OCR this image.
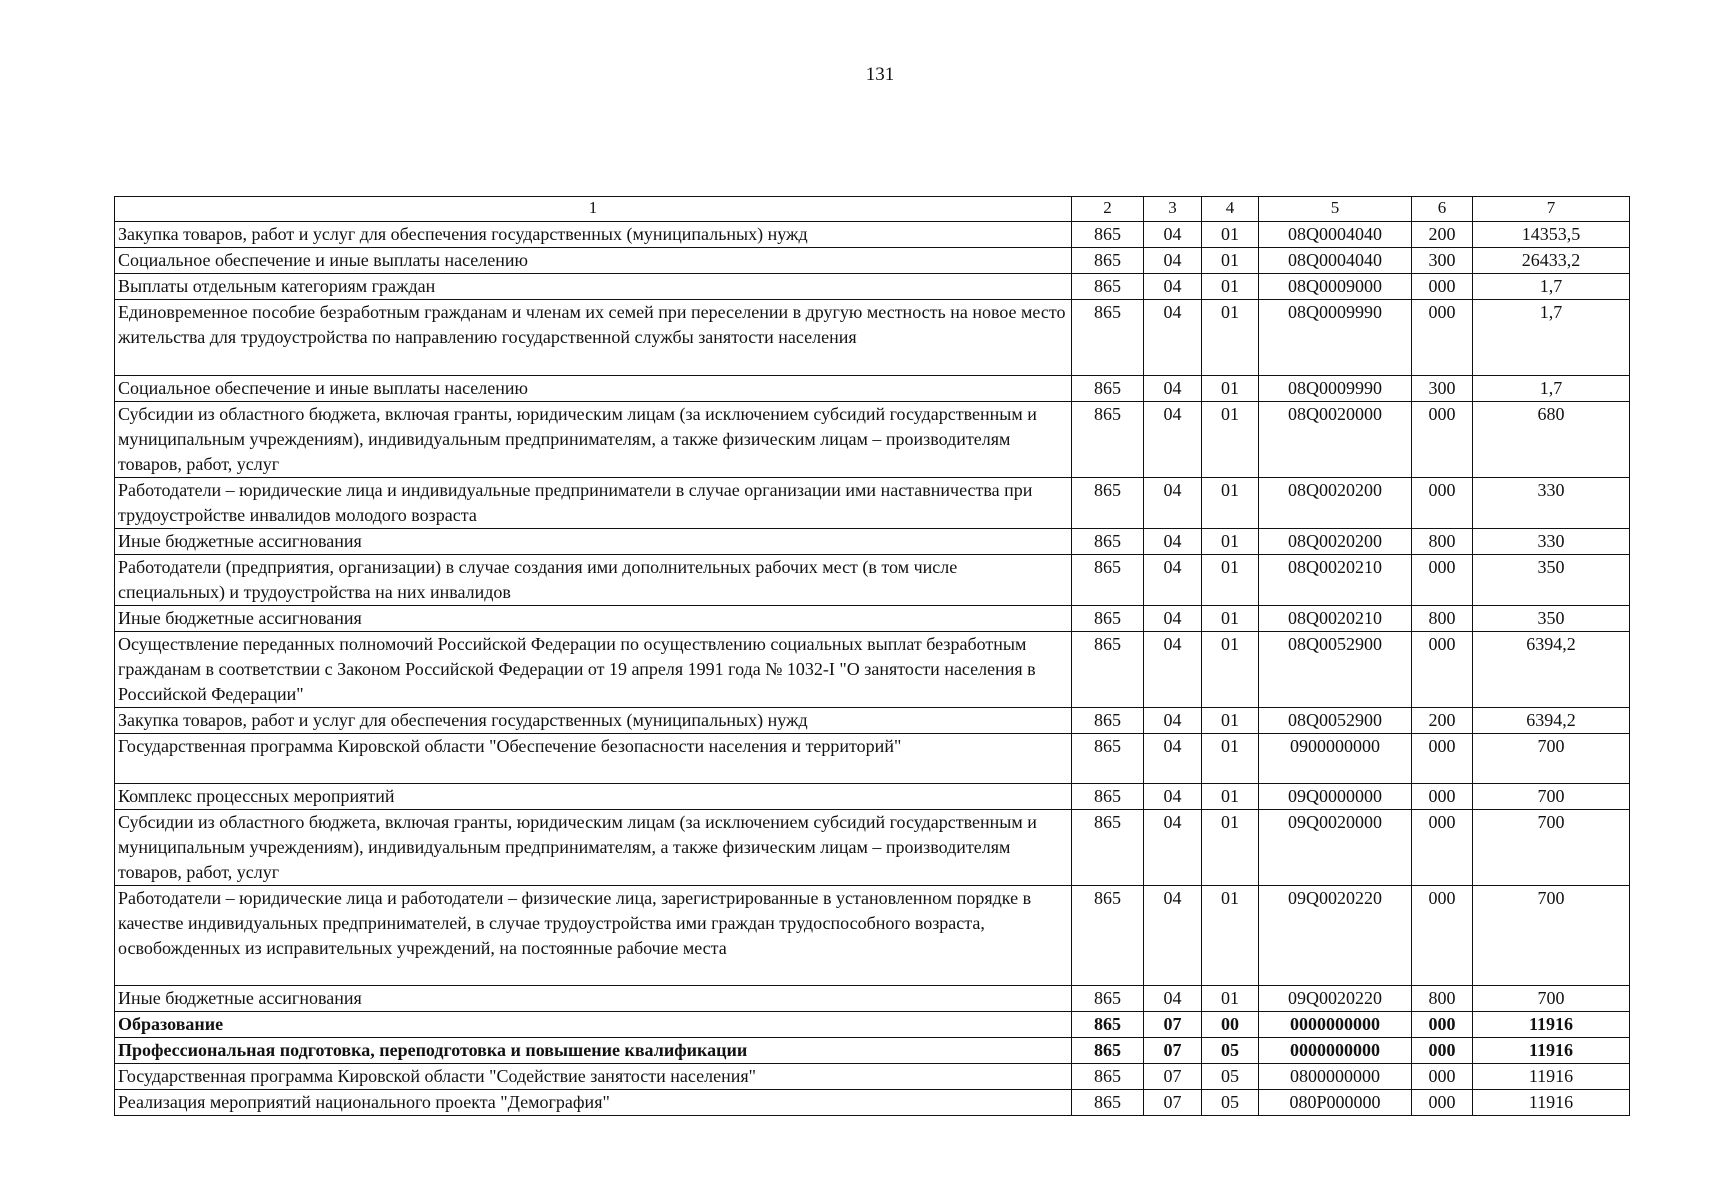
131
1	2	3	4	5	6	7
Закупка товаров, работ и услуг для обеспечения государственных (муниципальных) нужд	865	04	01	08Q0004040	200	14353,5
Социальное обеспечение и иные выплаты населению	865	04	01	08Q0004040	300	26433,2
Выплаты отдельным категориям граждан	865	04	01	08Q0009000	000	1,7
Единовременное пособие безработным гражданам и членам их семей при переселении в другую местность на новое место жительства для трудоустройства по направлению государственной службы занятости населения	865	04	01	08Q0009990	000	1,7
Социальное обеспечение и иные выплаты населению	865	04	01	08Q0009990	300	1,7
Субсидии из областного бюджета, включая гранты, юридическим лицам (за исключением субсидий государственным и муниципальным учреждениям), индивидуальным предпринимателям, а также физическим лицам – производителям товаров, работ, услуг	865	04	01	08Q0020000	000	680
Работодатели – юридические лица и индивидуальные предприниматели в случае организации ими наставничества при трудоустройстве инвалидов молодого возраста	865	04	01	08Q0020200	000	330
Иные бюджетные ассигнования	865	04	01	08Q0020200	800	330
Работодатели (предприятия, организации) в случае создания ими дополнительных рабочих мест (в том числе специальных) и трудоустройства на них инвалидов	865	04	01	08Q0020210	000	350
Иные бюджетные ассигнования	865	04	01	08Q0020210	800	350
Осуществление переданных полномочий Российской Федерации по осуществлению социальных выплат безработным гражданам в соответствии с Законом Российской Федерации от 19 апреля 1991 года № 1032-I "О занятости населения в Российской Федерации"	865	04	01	08Q0052900	000	6394,2
Закупка товаров, работ и услуг для обеспечения государственных (муниципальных) нужд	865	04	01	08Q0052900	200	6394,2
Государственная программа Кировской области "Обеспечение безопасности населения и территорий"	865	04	01	0900000000	000	700
Комплекс процессных мероприятий	865	04	01	09Q0000000	000	700
Субсидии из областного бюджета, включая гранты, юридическим лицам (за исключением субсидий государственным и муниципальным учреждениям), индивидуальным предпринимателям, а также физическим лицам – производителям товаров, работ, услуг	865	04	01	09Q0020000	000	700
Работодатели – юридические лица и работодатели – физические лица, зарегистрированные в установленном порядке в качестве индивидуальных предпринимателей, в случае трудоустройства ими граждан трудоспособного возраста, освобожденных из исправительных учреждений, на постоянные рабочие места	865	04	01	09Q0020220	000	700
Иные бюджетные ассигнования	865	04	01	09Q0020220	800	700
Образование	865	07	00	0000000000	000	11916
Профессиональная подготовка, переподготовка и повышение квалификации	865	07	05	0000000000	000	11916
Государственная программа Кировской области "Содействие занятости населения"	865	07	05	0800000000	000	11916
Реализация мероприятий национального проекта "Демография"	865	07	05	080P000000	000	11916
